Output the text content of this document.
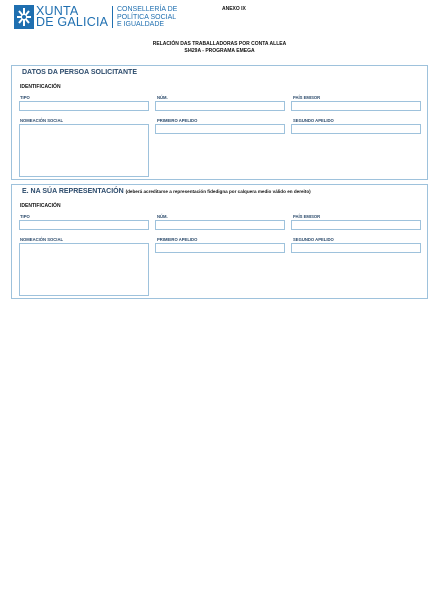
XUNTA
DE GALICIA
CONSELLERÍA DE
POLÍTICA SOCIAL
E IGUALDADE
ANEXO IX
RELACIÓN DAS TRABALLADORAS POR CONTA ALLEA
SI429A - PROGRAMA EMEGA
DATOS DA PERSOA SOLICITANTE
IDENTIFICACIÓN
TIPO	NÚM.	PAÍS EMISOR
NOMEACIÓN SOCIAL	PRIMEIRO APELIDO	SEGUNDO APELIDO
E. NA SÚA REPRESENTACIÓN (deberá acreditarse a representación fidedigna por calquera medio válido en dereito)
IDENTIFICACIÓN
TIPO	NÚM.	PAÍS EMISOR
NOMEACIÓN SOCIAL	PRIMEIRO APELIDO	SEGUNDO APELIDO
